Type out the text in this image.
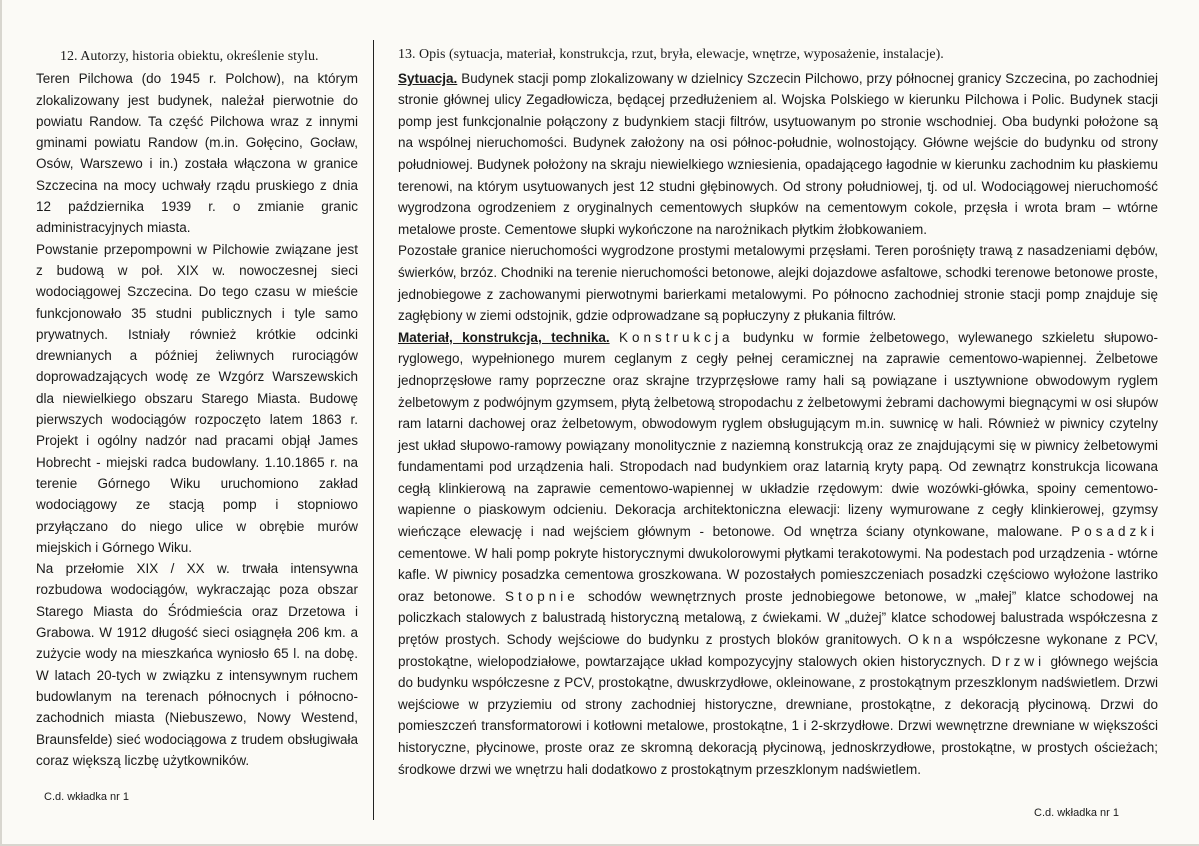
12. Autorzy, historia obiektu, określenie stylu.

Teren Pilchowa (do 1945 r. Polchow), na którym zlokalizowany jest budynek, należał pierwotnie do powiatu Randow. Ta część Pilchowa wraz z innymi gminami powiatu Randow (m.in. Gołęcino, Gocław, Osów, Warszewo i in.) została włączona w granice Szczecina na mocy uchwały rządu pruskiego z dnia 12 października 1939 r. o zmianie granic administracyjnych miasta.

Powstanie przepompowni w Pilchowie związane jest z budową w poł. XIX w. nowoczesnej sieci wodociągowej Szczecina. Do tego czasu w mieście funkcjonowało 35 studni publicznych i tyle samo prywatnych. Istniały również krótkie odcinki drewnianych a później żeliwnych rurociągów doprowadzających wodę ze Wzgórz Warszewskich dla niewielkiego obszaru Starego Miasta. Budowę pierwszych wodociągów rozpoczęto latem 1863 r. Projekt i ogólny nadzór nad pracami objął James Hobrecht - miejski radca budowlany. 1.10.1865 r. na terenie Górnego Wiku uruchomiono zakład wodociągowy ze stacją pomp i stopniowo przyłączano do niego ulice w obrębie murów miejskich i Górnego Wiku.

Na przełomie XIX / XX w. trwała intensywna rozbudowa wodociągów, wykraczając poza obszar Starego Miasta do Śródmieścia oraz Drzetowa i Grabowa. W 1912 długość sieci osiągnęła 206 km. a zużycie wody na mieszkańca wyniosło 65 l. na dobę. W latach 20-tych w związku z intensywnym ruchem budowlanym na terenach północnych i północno-zachodnich miasta (Niebuszewo, Nowy Westend, Braunsfelde) sieć wodociągowa z trudem obsługiwała coraz większą liczbę użytkowników.

C.d. wkładka nr 1
13. Opis (sytuacja, materiał, konstrukcja, rzut, bryła, elewacje, wnętrze, wyposażenie, instalacje).

Sytuacja. Budynek stacji pomp zlokalizowany w dzielnicy Szczecin Pilchowo, przy północnej granicy Szczecina, po zachodniej stronie głównej ulicy Zegadłowicza, będącej przedłużeniem al. Wojska Polskiego w kierunku Pilchowa i Polic. Budynek stacji pomp jest funkcjonalnie połączony z budynkiem stacji filtrów, usytuowanym po stronie wschodniej. Oba budynki położone są na wspólnej nieruchomości. Budynek założony na osi północ-południe, wolnostojący. Główne wejście do budynku od strony południowej. Budynek położony na skraju niewielkiego wzniesienia, opadającego łagodnie w kierunku zachodnim ku płaskiemu terenowi, na którym usytuowanych jest 12 studni głębinowych. Od strony południowej, tj. od ul. Wodociągowej nieruchomość wygrodzona ogrodzeniem z oryginalnych cementowych słupków na cementowym cokole, przęsła i wrota bram – wtórne metalowe proste. Cementowe słupki wykończone na narożnikach płytkim żłobkowaniem.

Pozostałe granice nieruchomości wygrodzone prostymi metalowymi przęsłami. Teren porośnięty trawą z nasadzeniami dębów, świerków, brzóz. Chodniki na terenie nieruchomości betonowe, alejki dojazdowe asfaltowe, schodki terenowe betonowe proste, jednobiegowe z zachowanymi pierwotnymi barierkami metalowymi. Po północno zachodniej stronie stacji pomp znajduje się zagłębiony w ziemi odstojnik, gdzie odprowadzane są popłuczyny z płukania filtrów.

Materiał, konstrukcja, technika. Konstrukcja budynku w formie żelbetowego, wylewanego szkieletu słupowo-ryglowego, wypełnionego murem ceglanym z cegły pełnej ceramicznej na zaprawie cementowo-wapiennej. Żelbetowe jednoprzęsłowe ramy poprzeczne oraz skrajne trzyprzęsłowe ramy hali są powiązane i usztywnione obwodowym ryglem żelbetowym z podwójnym gzymsem, płytą żelbetową stropodachu z żelbetowymi żebrami dachowymi biegnącymi w osi słupów ram latarni dachowej oraz żelbetowym, obwodowym ryglem obsługującym m.in. suwnicę w hali. Również w piwnicy czytelny jest układ słupowo-ramowy powiązany monolitycznie z naziemną konstrukcją oraz ze znajdującymi się w piwnicy żelbetowymi fundamentami pod urządzenia hali. Stropodach nad budynkiem oraz latarnią kryty papą. Od zewnątrz konstrukcja licowana cegłą klinkierową na zaprawie cementowo-wapiennej w układzie rzędowym: dwie wozówki-główka, spoiny cementowo-wapienne o piaskowym odcieniu. Dekoracja architektoniczna elewacji: lizeny wymurowane z cegły klinkierowej, gzymsy wieńczące elewację i nad wejściem głównym - betonowe. Od wnętrza ściany otynkowane, malowane. Posadzki cementowe. W hali pomp pokryte historycznymi dwukolorowymi płytkami terakotowymi. Na podestach pod urządzenia - wtórne kafle. W piwnicy posadzka cementowa groszkowana. W pozostałych pomieszczeniach posadzki częściowo wyłożone lastriko oraz betonowe. Stopnie schodów wewnętrznych proste jednobiegowe betonowe, w „małej” klatce schodowej na policzkach stalowych z balustradą historyczną metalową, z ćwiekami. W „dużej” klatce schodowej balustrada współczesna z prętów prostych. Schody wejściowe do budynku z prostych bloków granitowych. Okna współczesne wykonane z PCV, prostokątne, wielopodziałowe, powtarzające układ kompozycyjny stalowych okien historycznych. Drzwi głównego wejścia do budynku współczesne z PCV, prostokątne, dwuskrzydłowe, okleinowane, z prostokątnym przeszklonym nadświetlem. Drzwi wejściowe w przyziemiu od strony zachodniej historyczne, drewniane, prostokątne, z dekoracją płycinową. Drzwi do pomieszczeń transformatorowi i kotłowni metalowe, prostokątne, 1 i 2-skrzydłowe. Drzwi wewnętrzne drewniane w większości historyczne, płycinowe, proste oraz ze skromną dekoracją płycinową, jednoskrzydłowe, prostokątne, w prostych ościeżach; środkowe drzwi we wnętrzu hali dodatkowo z prostokątnym przeszklonym nadświetlem.

C.d. wkładka nr 1
